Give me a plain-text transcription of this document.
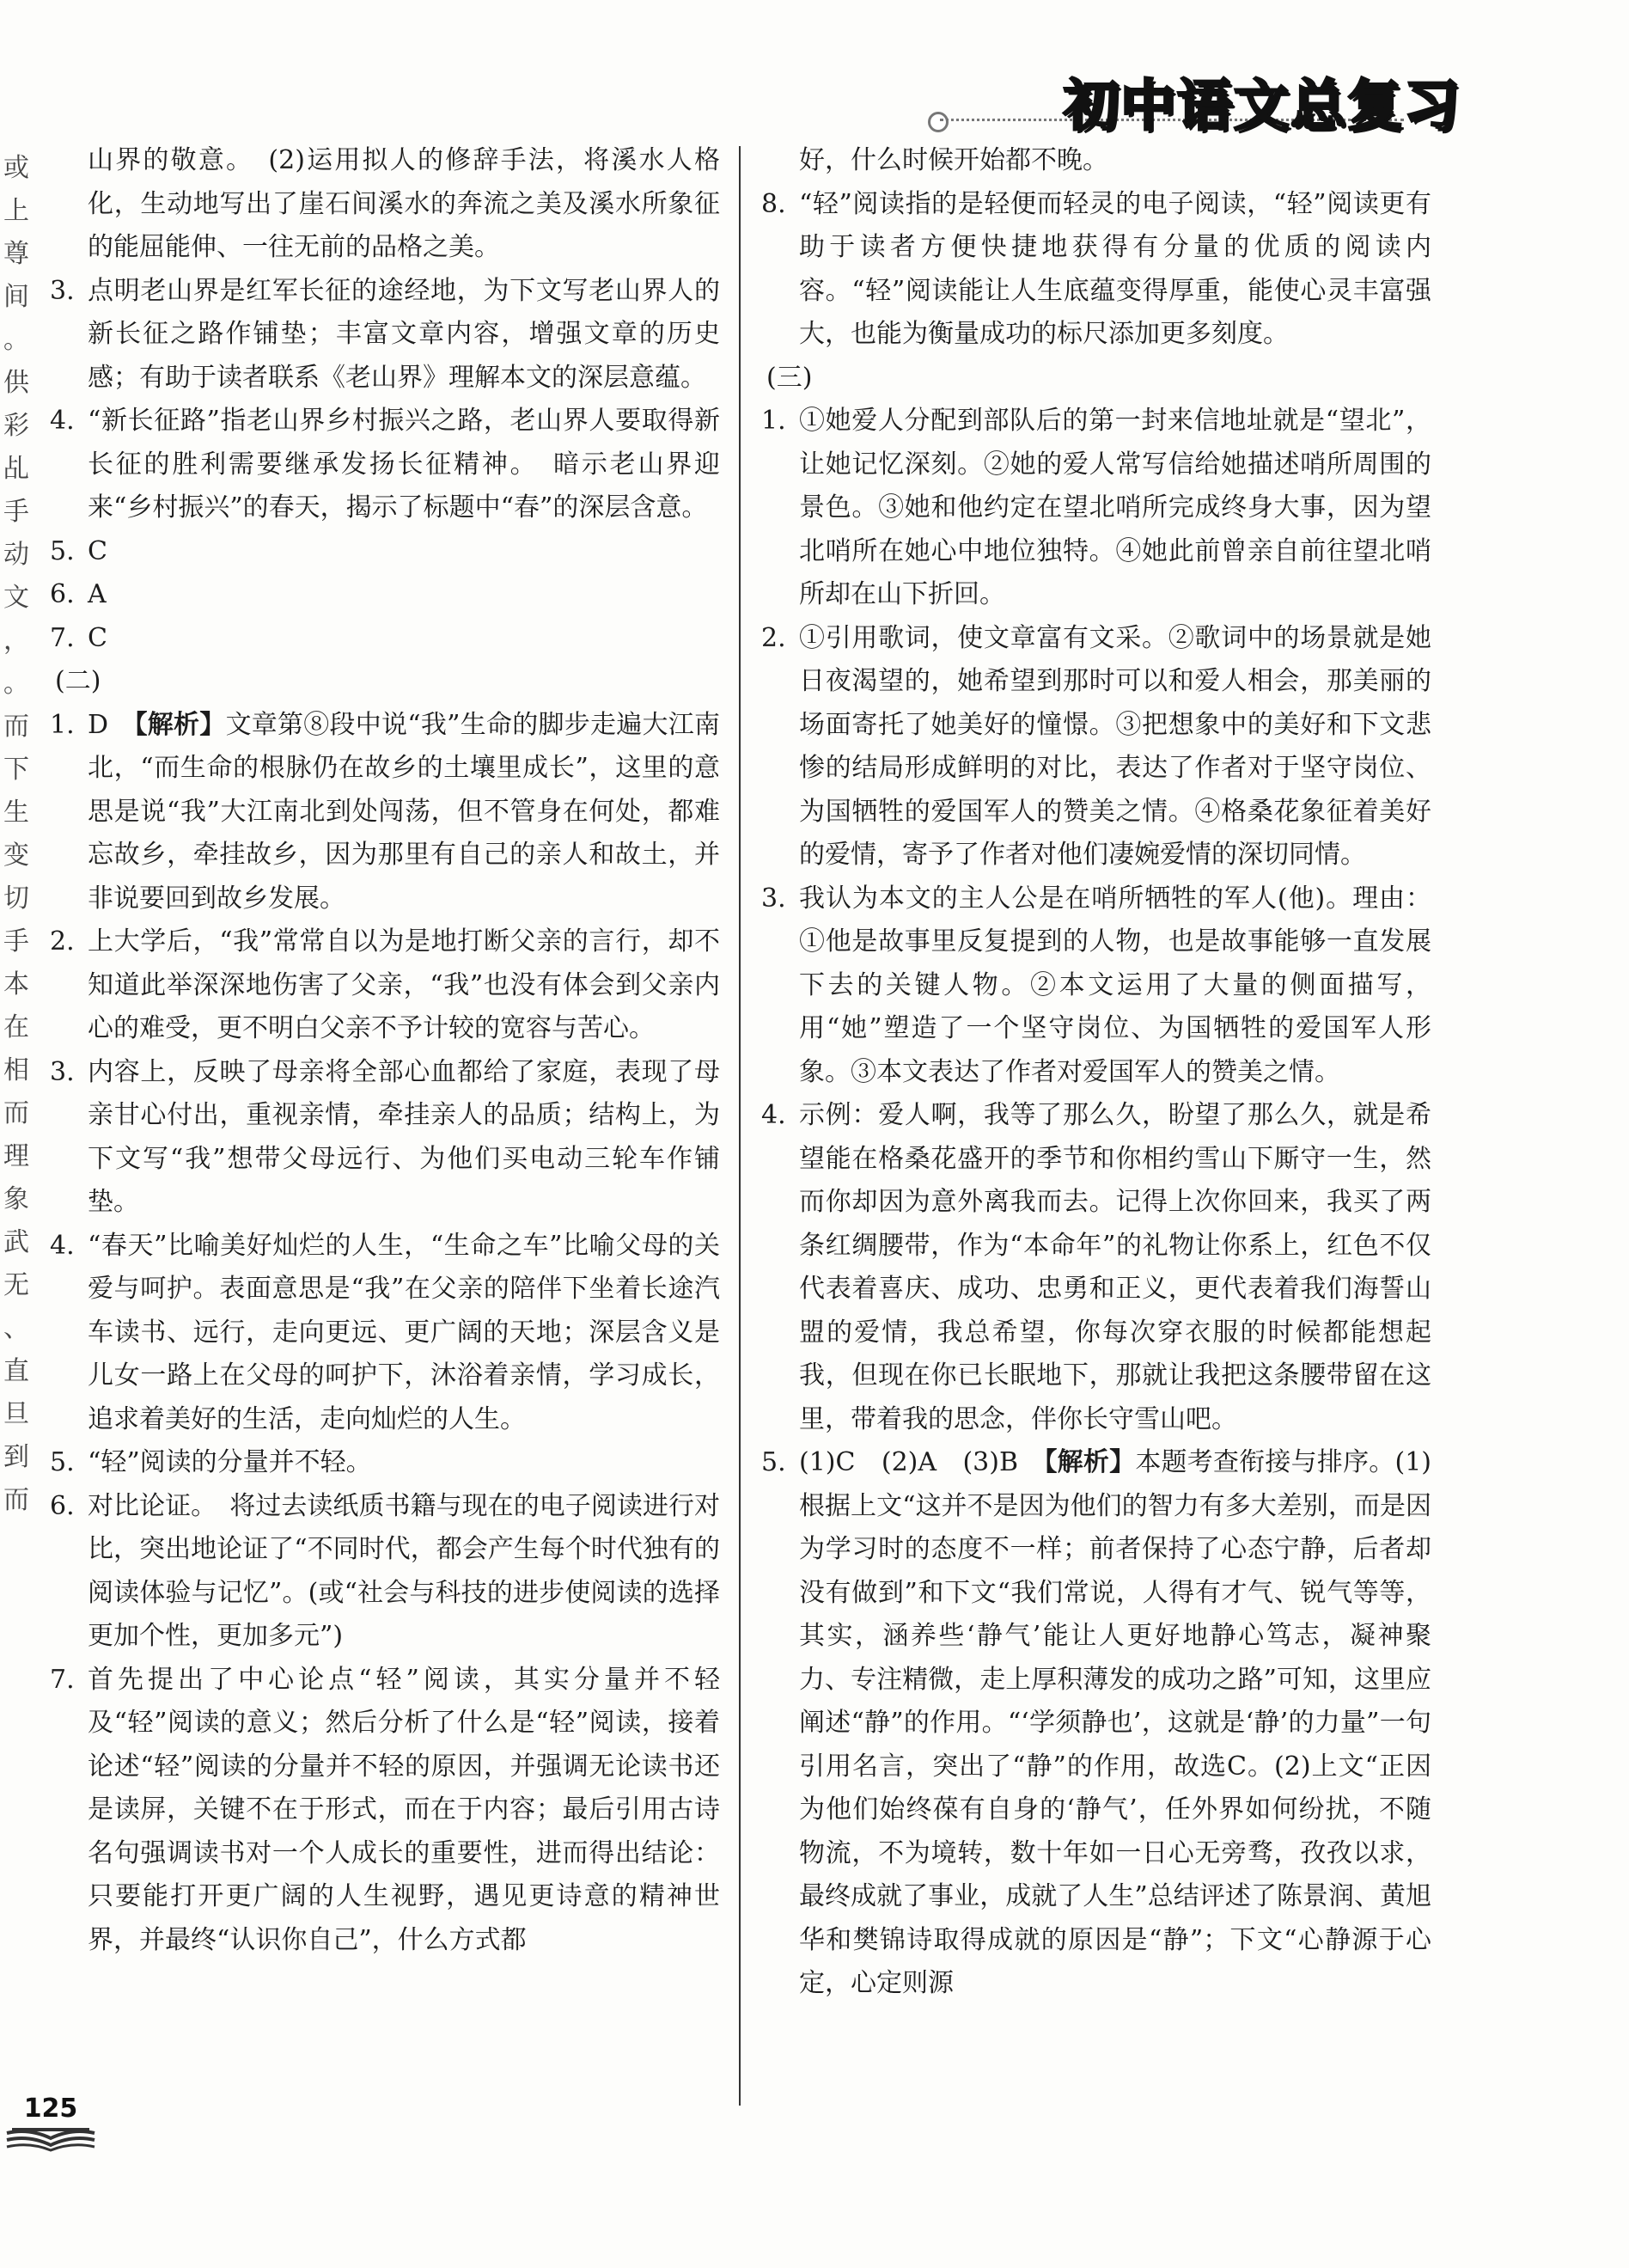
初中语文总复习
或
上
尊
间
。
供
彩
乩
手
动
文
，
。
而
下
生
变
切
手
本
在
相
而
理
象
武
无
、
直
旦
到
而
山界的敬意。　(2)运用拟人的修辞手法，将溪水人格化，生动地写出了崖石间溪水的奔流之美及溪水所象征的能屈能伸、一往无前的品格之美。
3. 点明老山界是红军长征的途经地，为下文写老山界人的新长征之路作铺垫；丰富文章内容，增强文章的历史感；有助于读者联系《老山界》理解本文的深层意蕴。
4. “新长征路”指老山界乡村振兴之路，老山界人要取得新长征的胜利需要继承发扬长征精神。　暗示老山界迎来“乡村振兴”的春天，揭示了标题中“春”的深层含意。
5. C
6. A
7. C
(二)
1. D　【解析】文章第⑧段中说“我”生命的脚步走遍大江南北，“而生命的根脉仍在故乡的土壤里成长”，这里的意思是说“我”大江南北到处闯荡，但不管身在何处，都难忘故乡，牵挂故乡，因为那里有自己的亲人和故土，并非说要回到故乡发展。
2. 上大学后，“我”常常自以为是地打断父亲的言行，却不知道此举深深地伤害了父亲，“我”也没有体会到父亲内心的难受，更不明白父亲不予计较的宽容与苦心。
3. 内容上，反映了母亲将全部心血都给了家庭，表现了母亲甘心付出，重视亲情，牵挂亲人的品质；结构上，为下文写“我”想带父母远行、为他们买电动三轮车作铺垫。
4. “春天”比喻美好灿烂的人生，“生命之车”比喻父母的关爱与呵护。表面意思是“我”在父亲的陪伴下坐着长途汽车读书、远行，走向更远、更广阔的天地；深层含义是儿女一路上在父母的呵护下，沐浴着亲情，学习成长，追求着美好的生活，走向灿烂的人生。
5. “轻”阅读的分量并不轻。
6. 对比论证。　将过去读纸质书籍与现在的电子阅读进行对比，突出地论证了“不同时代，都会产生每个时代独有的阅读体验与记忆”。(或“社会与科技的进步使阅读的选择更加个性，更加多元”)
7. 首先提出了中心论点“轻”阅读，其实分量并不轻及“轻”阅读的意义；然后分析了什么是“轻”阅读，接着论述“轻”阅读的分量并不轻的原因，并强调无论读书还是读屏，关键不在于形式，而在于内容；最后引用古诗名句强调读书对一个人成长的重要性，进而得出结论：只要能打开更广阔的人生视野，遇见更诗意的精神世界，并最终“认识你自己”，什么方式都
好，什么时候开始都不晚。
8. “轻”阅读指的是轻便而轻灵的电子阅读，“轻”阅读更有助于读者方便快捷地获得有分量的优质的阅读内容。“轻”阅读能让人生底蕴变得厚重，能使心灵丰富强大，也能为衡量成功的标尺添加更多刻度。
(三)
1. ①她爱人分配到部队后的第一封来信地址就是“望北”，让她记忆深刻。②她的爱人常写信给她描述哨所周围的景色。③她和他约定在望北哨所完成终身大事，因为望北哨所在她心中地位独特。④她此前曾亲自前往望北哨所却在山下折回。
2. ①引用歌词，使文章富有文采。②歌词中的场景就是她日夜渴望的，她希望到那时可以和爱人相会，那美丽的场面寄托了她美好的憧憬。③把想象中的美好和下文悲惨的结局形成鲜明的对比，表达了作者对于坚守岗位、为国牺牲的爱国军人的赞美之情。④格桑花象征着美好的爱情，寄予了作者对他们凄婉爱情的深切同情。
3. 我认为本文的主人公是在哨所牺牲的军人(他)。理由：①他是故事里反复提到的人物，也是故事能够一直发展下去的关键人物。②本文运用了大量的侧面描写，用“她”塑造了一个坚守岗位、为国牺牲的爱国军人形象。③本文表达了作者对爱国军人的赞美之情。
4. 示例：爱人啊，我等了那么久，盼望了那么久，就是希望能在格桑花盛开的季节和你相约雪山下厮守一生，然而你却因为意外离我而去。记得上次你回来，我买了两条红绸腰带，作为“本命年”的礼物让你系上，红色不仅代表着喜庆、成功、忠勇和正义，更代表着我们海誓山盟的爱情，我总希望，你每次穿衣服的时候都能想起我，但现在你已长眠地下，那就让我把这条腰带留在这里，带着我的思念，伴你长守雪山吧。
5. (1)C　(2)A　(3)B　【解析】本题考查衔接与排序。(1)根据上文“这并不是因为他们的智力有多大差别，而是因为学习时的态度不一样；前者保持了心态宁静，后者却没有做到”和下文“我们常说，人得有才气、锐气等等，其实，涵养些‘静气’能让人更好地静心笃志，凝神聚力、专注精微，走上厚积薄发的成功之路”可知，这里应阐述“静”的作用。“‘学须静也’，这就是‘静’的力量”一句引用名言，突出了“静”的作用，故选C。(2)上文“正因为他们始终葆有自身的‘静气’，任外界如何纷扰，不随物流，不为境转，数十年如一日心无旁骛，孜孜以求，最终成就了事业，成就了人生”总结评述了陈景润、黄旭华和樊锦诗取得成就的原因是“静”；下文“心静源于心定，心定则源
125
